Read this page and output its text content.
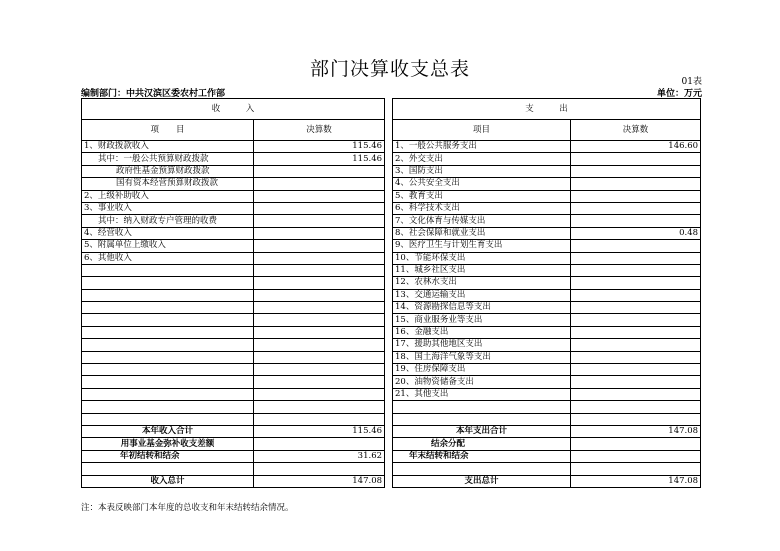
部门决算收支总表
01表
编制部门：中共汉滨区委农村工作部	单位：万元
收　　　入			支　　　出	
项　　目	决算数		项目	决算数
1、财政拨款收入	115.46		1、一般公共服务支出	146.60
其中：一般公共预算财政拨款	115.46		2、外交支出	
政府性基金预算财政拨款			3、国防支出	
国有资本经营预算财政拨款			4、公共安全支出	
2、上级补助收入			5、教育支出	
3、事业收入			6、科学技术支出	
其中：纳入财政专户管理的收费			7、文化体育与传媒支出	
4、经营收入			8、社会保障和就业支出	0.48
5、附属单位上缴收入			9、医疗卫生与计划生育支出	
6、其他收入			10、节能环保支出	
			11、城乡社区支出	
			12、农林水支出	
			13、交通运输支出	
			14、资源勘探信息等支出	
			15、商业服务业等支出	
			16、金融支出	
			17、援助其他地区支出	
			18、国土海洋气象等支出	
			19、住房保障支出	
			20、油物资储备支出	
			21、其他支出	

本年收入合计	115.46		本年支出合计	147.08
用事业基金弥补收支差额			结余分配	
年初结转和结余	31.62		年末结转和结余	

收入总计	147.08		支出总计	147.08
注：本表反映部门本年度的总收支和年末结转结余情况。
